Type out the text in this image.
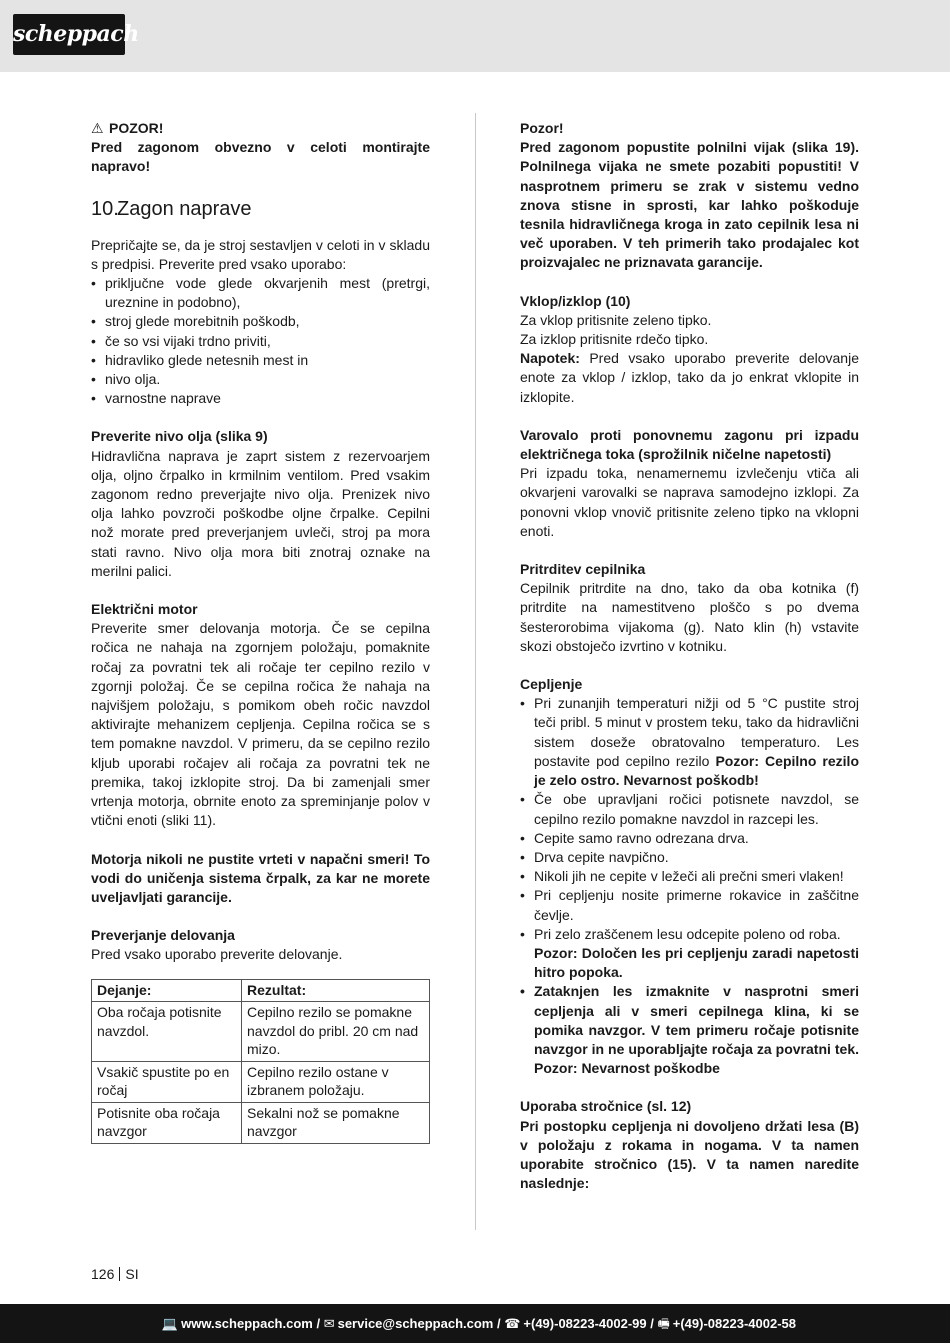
scheppach

⚠ POZOR!

Pred zagonom obvezno v celoti montirajte napravo!

10.
Zagon naprave

Prepričajte se, da je stroj sestavljen v celoti in v skladu s predpisi. Preverite pred vsako uporabo:

• priključne vode glede okvarjenih mest (pretrgi, ureznine in podobno),
• stroj glede morebitnih poškodb,
• če so vsi vijaki trdno priviti,
• hidravliko glede netesnih mest in
• nivo olja.
• varnostne naprave

Preverite nivo olja (slika 9)

Hidravlična naprava je zaprt sistem z rezervoarjem olja, oljno črpalko in krmilnim ventilom. Pred vsakim zagonom redno preverjajte nivo olja. Prenizek nivo olja lahko povzroči poškodbe oljne črpalke. Cepilni nož morate pred preverjanjem uvleči, stroj pa mora stati ravno. Nivo olja mora biti znotraj oznake na merilni palici.

Električni motor

Preverite smer delovanja motorja. Če se cepilna ročica ne nahaja na zgornjem položaju, pomaknite ročaj za povratni tek ali ročaje ter cepilno rezilo v zgornji položaj. Če se cepilna ročica že nahaja na najvišjem položaju, s pomikom obeh ročic navzdol aktivirajte mehanizem cepljenja. Cepilna ročica se s tem pomakne navzdol. V primeru, da se cepilno rezilo kljub uporabi ročajev ali ročaja za povratni tek ne premika, takoj izklopite stroj. Da bi zamenjali smer vrtenja motorja, obrnite enoto za spreminjanje polov v vtični enoti (sliki 11).

Motorja nikoli ne pustite vrteti v napačni smeri! To vodi do uničenja sistema črpalk, za kar ne morete uveljavljati garancije.

Preverjanje delovanja

Pred vsako uporabo preverite delovanje.

Dejanje:	Rezultat:
Oba ročaja potisnite navzdol.	Cepilno rezilo se pomakne navzdol do pribl. 20 cm nad mizo.
Vsakič spustite po en ročaj	Cepilno rezilo ostane v izbranem položaju.
Potisnite oba ročaja navzgor	Sekalni nož se pomakne navzgor

Pozor!

Pred zagonom popustite polnilni vijak (slika 19). Polnilnega vijaka ne smete pozabiti popustiti! V nasprotnem primeru se zrak v sistemu vedno znova stisne in sprosti, kar lahko poškoduje tesnila hidravličnega kroga in zato cepilnik lesa ni več uporaben. V teh primerih tako prodajalec kot proizvajalec ne priznavata garancije.

Vklop/izklop (10)

Za vklop pritisnite zeleno tipko.

Za izklop pritisnite rdečo tipko.

Napotek: Pred vsako uporabo preverite delovanje enote za vklop / izklop, tako da jo enkrat vklopite in izklopite.

Varovalo proti ponovnemu zagonu pri izpadu električnega toka (sprožilnik ničelne napetosti)

Pri izpadu toka, nenamernemu izvlečenju vtiča ali okvarjeni varovalki se naprava samodejno izklopi. Za ponovni vklop vnovič pritisnite zeleno tipko na vklopni enoti.

Pritrditev cepilnika

Cepilnik pritrdite na dno, tako da oba kotnika (f) pritrdite na namestitveno ploščo s po dvema šesterorobima vijakoma (g). Nato klin (h) vstavite skozi obstoječo izvrtino v kotniku.

Cepljenje

• Pri zunanjih temperaturi nižji od 5 °C pustite stroj teči pribl. 5 minut v prostem teku, tako da hidravlični sistem doseže obratovalno temperaturo. Les postavite pod cepilno rezilo Pozor: Cepilno rezilo je zelo ostro. Nevarnost poškodb!
• Če obe upravljani ročici potisnete navzdol, se cepilno rezilo pomakne navzdol in razcepi les.
• Cepite samo ravno odrezana drva.
• Drva cepite navpično.
• Nikoli jih ne cepite v ležeči ali prečni smeri vlaken!
• Pri cepljenju nosite primerne rokavice in zaščitne čevlje.
• Pri zelo zraščenem lesu odcepite poleno od roba.
Pozor: Določen les pri cepljenju zaradi napetosti hitro popoka.
• Zataknjen les izmaknite v nasprotni smeri cepljenja ali v smeri cepilnega klina, ki se pomika navzgor. V tem primeru ročaje potisnite navzgor in ne uporabljajte ročaja za povratni tek. Pozor: Nevarnost poškodbe

Uporaba stročnice (sl. 12)

Pri postopku cepljenja ni dovoljeno držati lesa (B) v položaju z rokama in nogama. V ta namen uporabite stročnico (15). V ta namen naredite naslednje:

126 SI
💻 www.scheppach.com / ✉ service@scheppach.com / ☎ +(49)-08223-4002-99 / 🖷 +(49)-08223-4002-58
